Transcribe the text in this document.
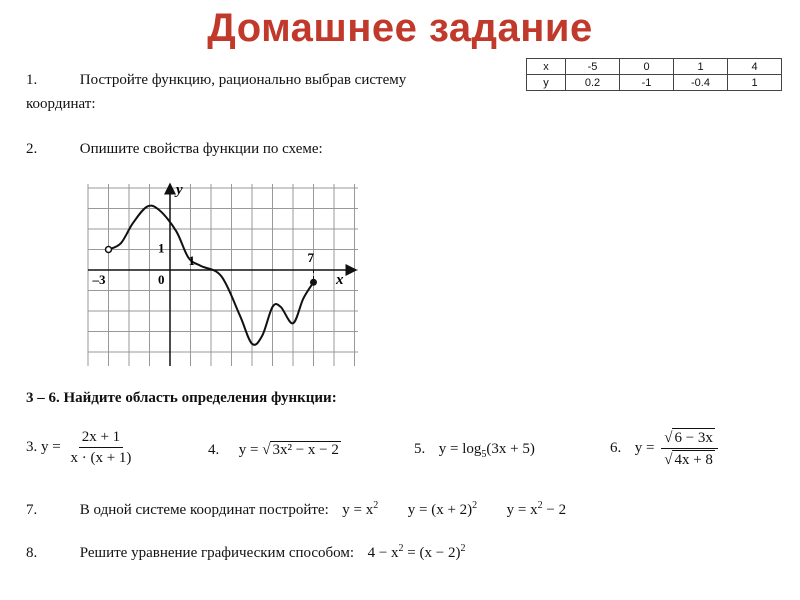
Домашнее задание
1.	Постройте функцию, рационально выбрав систему
координат:
x	-5	0	1	4
y	0.2	-1	-0.4	1
2.	Опишите свойства функции по схеме:
x
y
–3	0
1
1
7
3 – 6. Найдите область определения функции:
3. $y = \frac{2x + 1}{x \cdot (x + 1)}$	4. y = √ 3x² − x − 2	5. $y = \log_5(3x + 5)$	6. $y = \frac{√ 6 - 3x}{√ 4x + 8}$
7.	В одной системе координат постройте: $y = x^2$ $y = (x + 2)^2$ $y = x^2 - 2$
8.	Решите уравнение графическим способом: $4 - x^2 = (x - 2)^2$
